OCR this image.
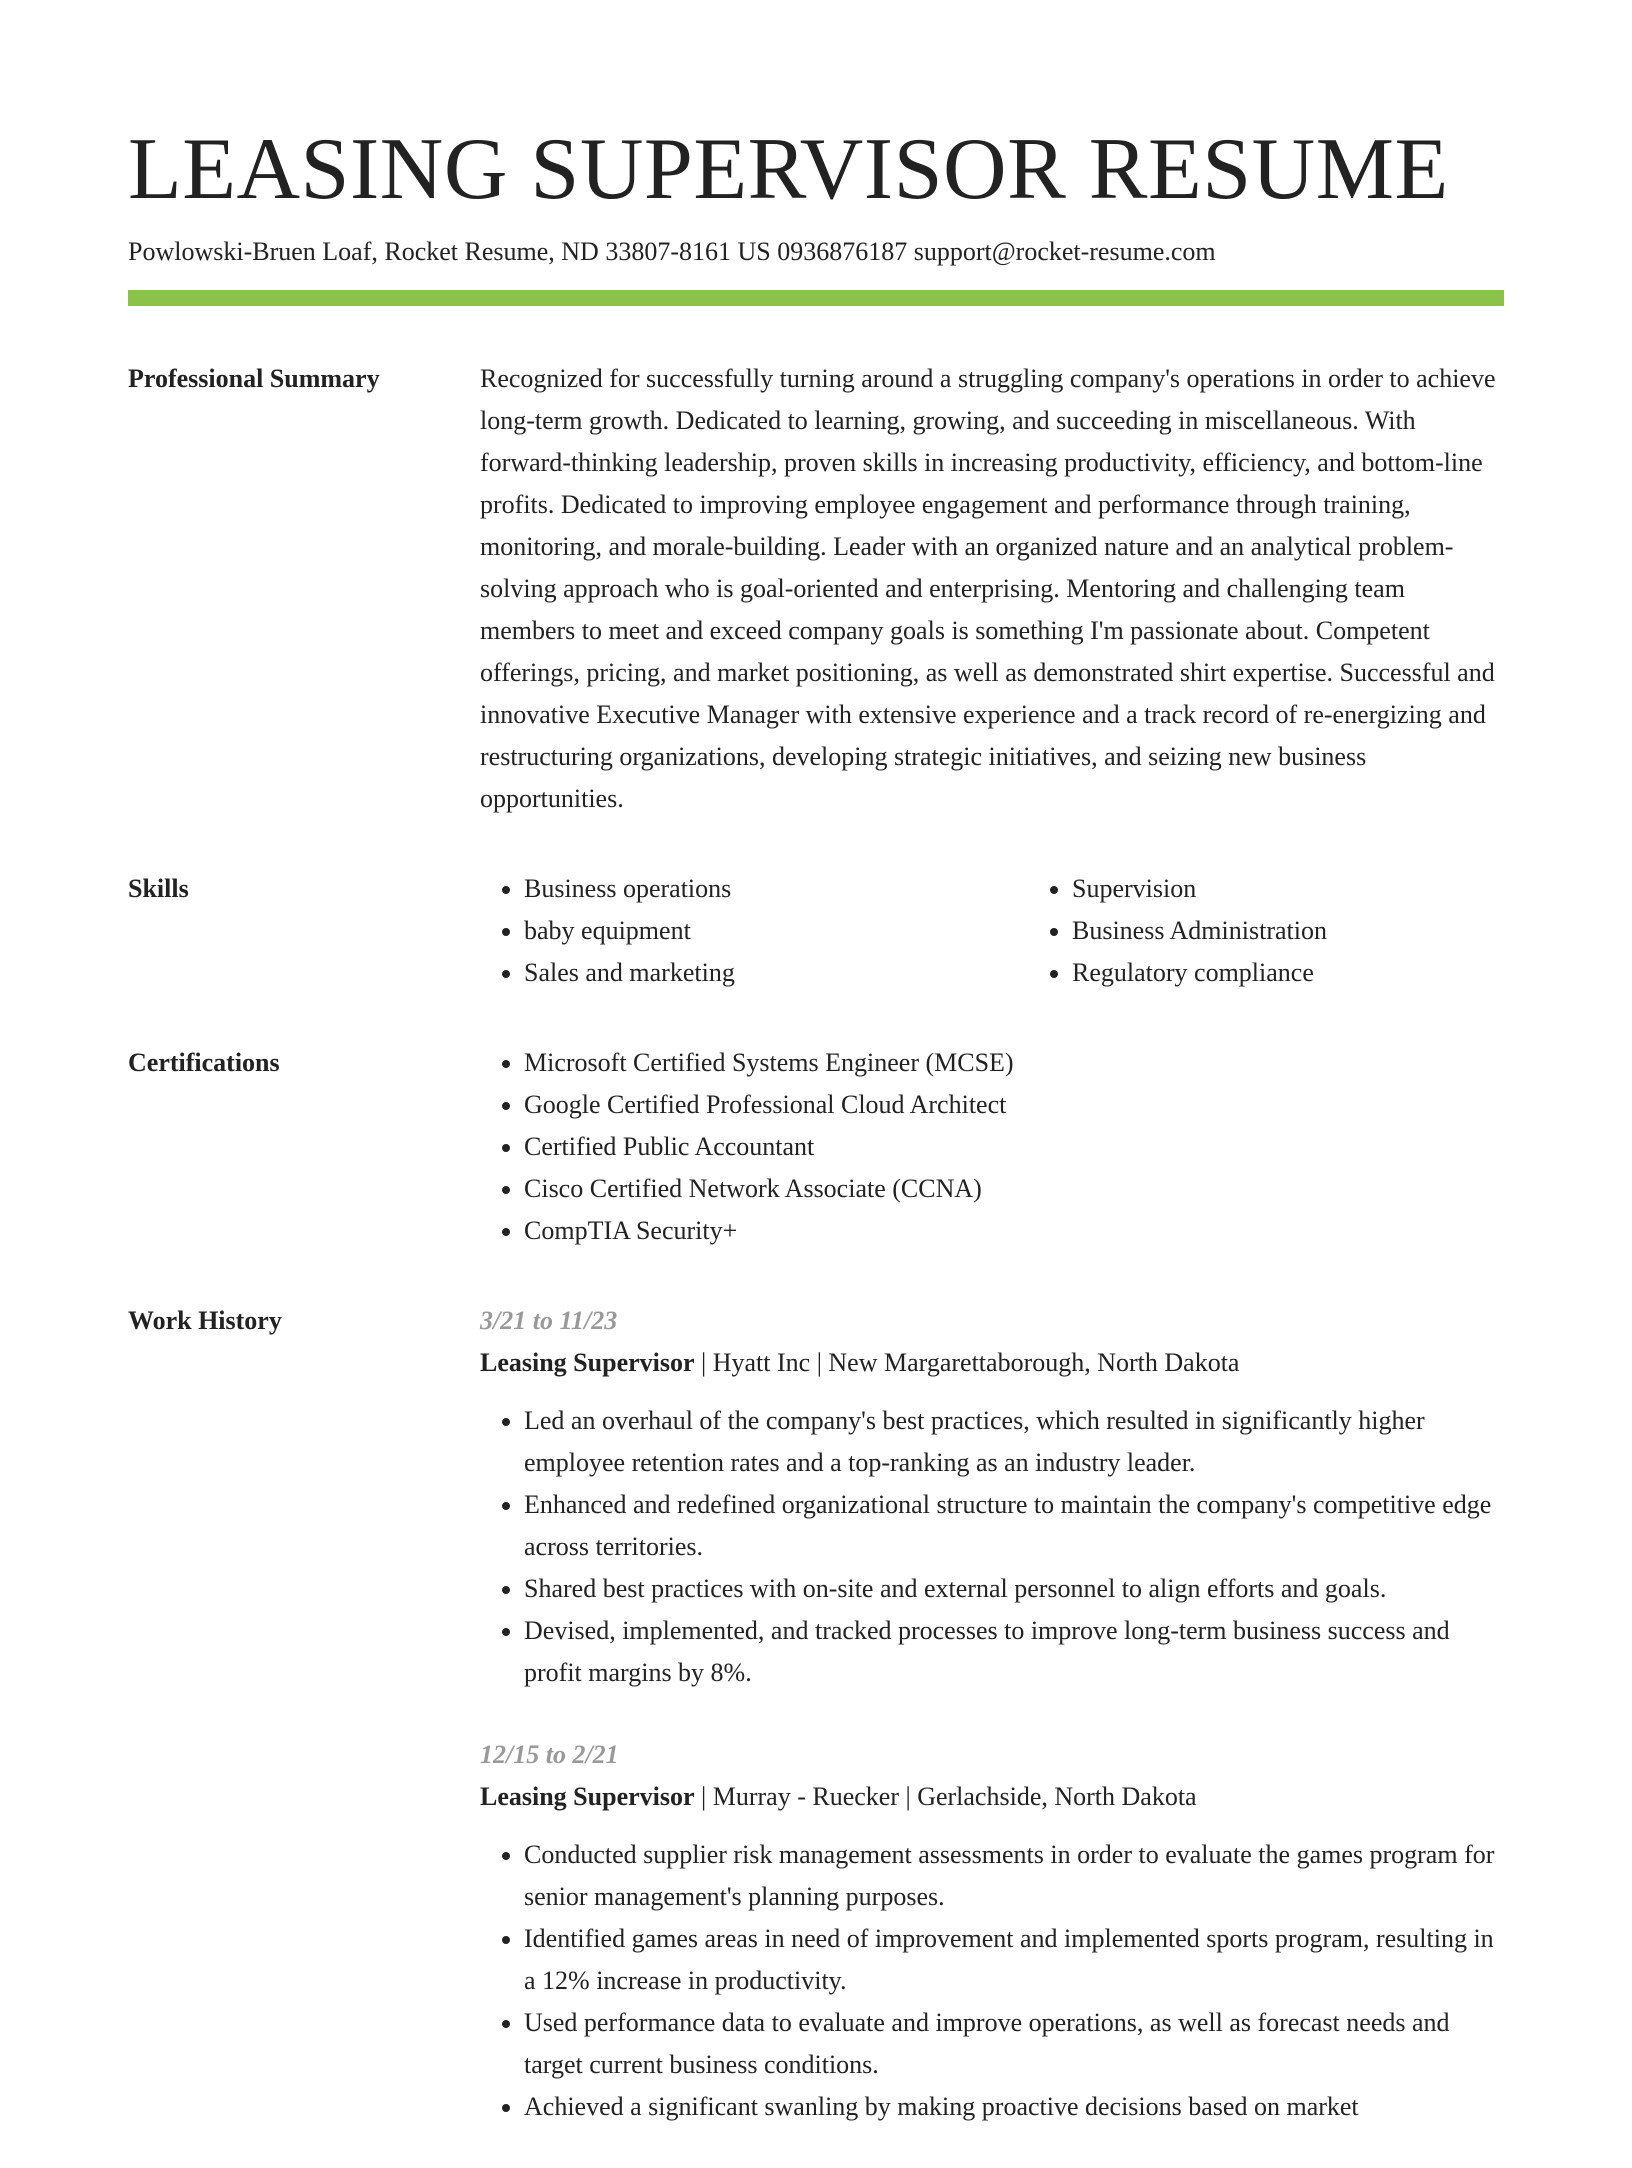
LEASING SUPERVISOR RESUME
Powlowski-Bruen Loaf, Rocket Resume, ND 33807-8161 US 0936876187 support@rocket-resume.com
Professional Summary	Recognized for successfully turning around a struggling company's operations in order to achieve long-term growth. Dedicated to learning, growing, and succeeding in miscellaneous. With forward-thinking leadership, proven skills in increasing productivity, efficiency, and bottom-line profits. Dedicated to improving employee engagement and performance through training, monitoring, and morale-building. Leader with an organized nature and an analytical problem-solving approach who is goal-oriented and enterprising. Mentoring and challenging team members to meet and exceed company goals is something I'm passionate about. Competent offerings, pricing, and market positioning, as well as demonstrated shirt expertise. Successful and innovative Executive Manager with extensive experience and a track record of re-energizing and restructuring organizations, developing strategic initiatives, and seizing new business opportunities.

Skills	• Business operations
• baby equipment
• Sales and marketing
• Supervision
• Business Administration
• Regulatory compliance
Certifications	• Microsoft Certified Systems Engineer (MCSE)
• Google Certified Professional Cloud Architect
• Certified Public Accountant
• Cisco Certified Network Associate (CCNA)
• CompTIA Security+
Work History	3/21 to 11/23
Leasing Supervisor | Hyatt Inc | New Margarettaborough, North Dakota
• Led an overhaul of the company's best practices, which resulted in significantly higher employee retention rates and a top-ranking as an industry leader.
• Enhanced and redefined organizational structure to maintain the company's competitive edge across territories.
• Shared best practices with on-site and external personnel to align efforts and goals.
• Devised, implemented, and tracked processes to improve long-term business success and profit margins by 8%.
12/15 to 2/21
Leasing Supervisor | Murray - Ruecker | Gerlachside, North Dakota
• Conducted supplier risk management assessments in order to evaluate the games program for senior management's planning purposes.
• Identified games areas in need of improvement and implemented sports program, resulting in a 12% increase in productivity.
• Used performance data to evaluate and improve operations, as well as forecast needs and target current business conditions.
• Achieved a significant swanling by making proactive decisions based on market
